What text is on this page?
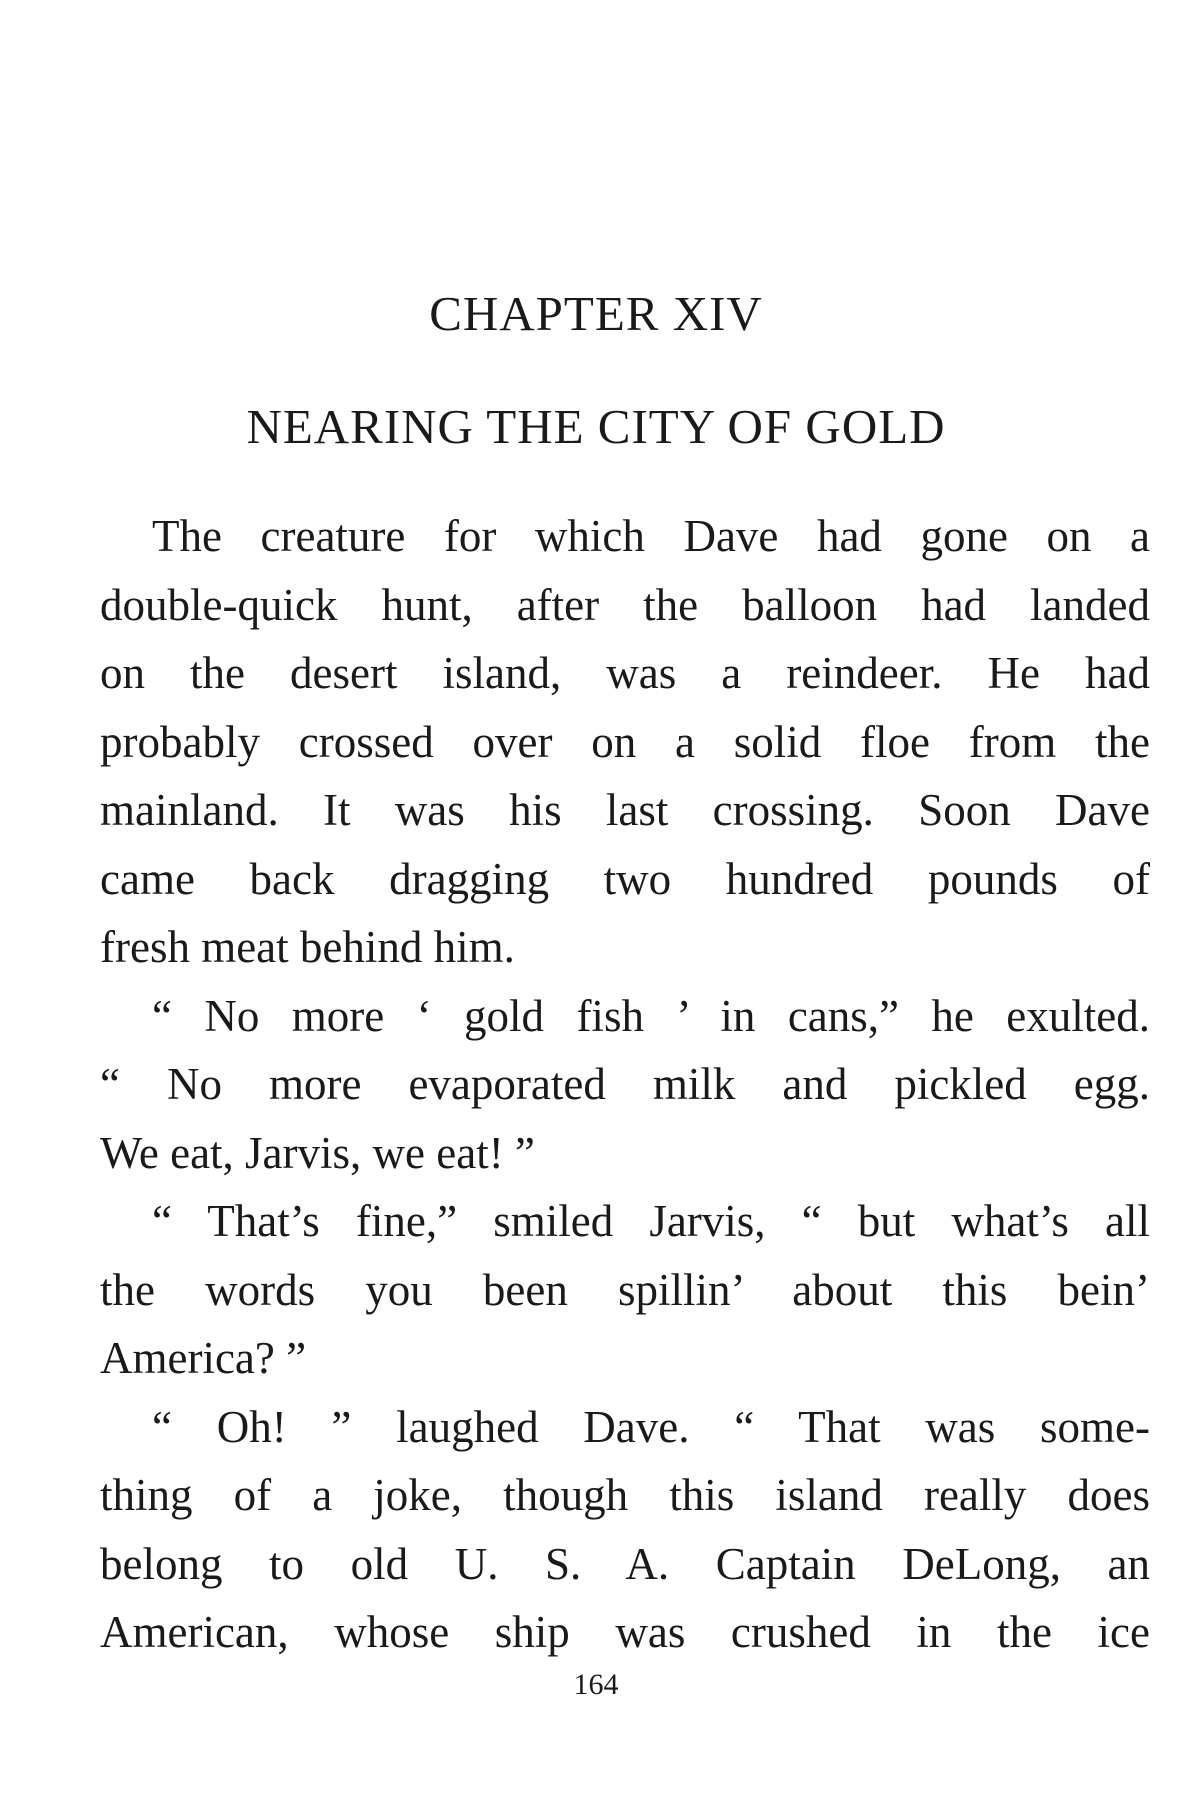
CHAPTER XIV
NEARING THE CITY OF GOLD
The creature for which Dave had gone on a
double-quick hunt, after the balloon had landed
on the desert island, was a reindeer. He had
probably crossed over on a solid floe from the
mainland. It was his last crossing. Soon Dave
came back dragging two hundred pounds of
fresh meat behind him.
“ No more ‘ gold fish ’ in cans,” he exulted.
“ No more evaporated milk and pickled egg.
We eat, Jarvis, we eat! ”
“ That’s fine,” smiled Jarvis, “ but what’s all
the words you been spillin’ about this bein’
America? ”
“ Oh! ” laughed Dave. “ That was some-
thing of a joke, though this island really does
belong to old U. S. A. Captain DeLong, an
American, whose ship was crushed in the ice
164
